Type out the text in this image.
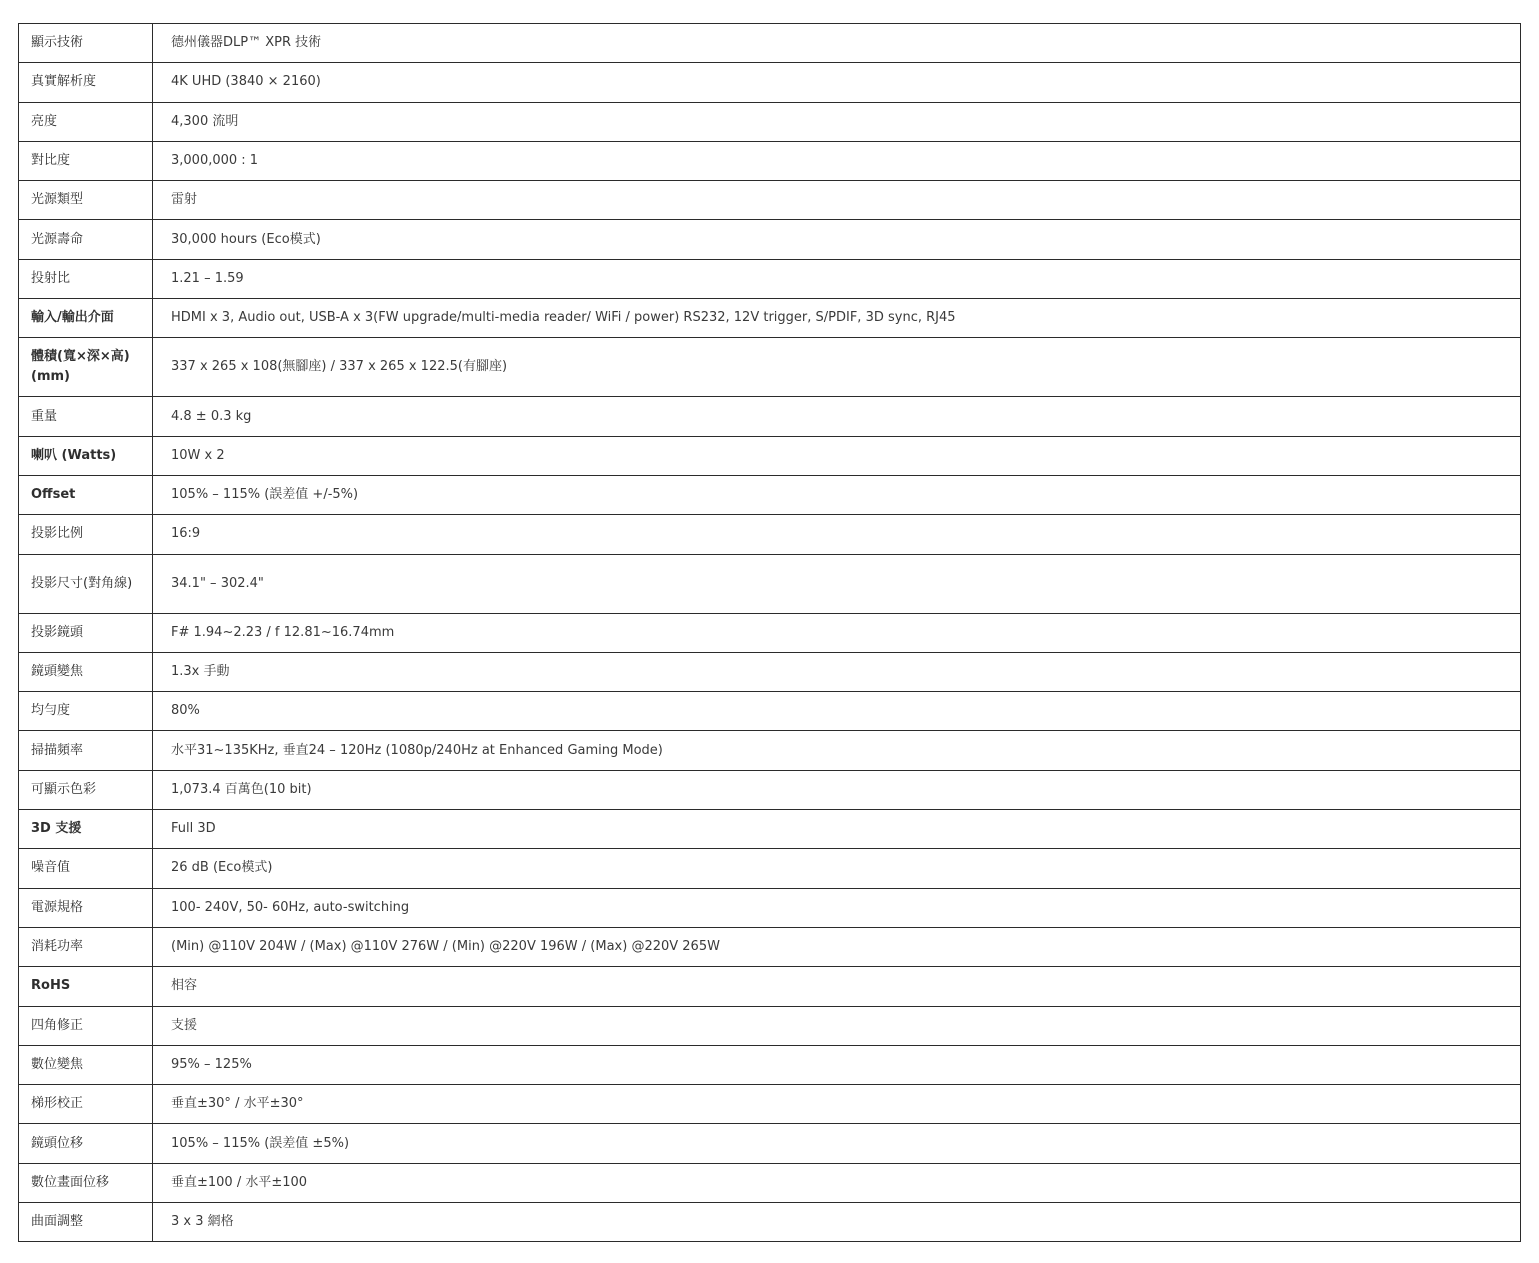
顯示技術	德州儀器DLP™ XPR 技術
真實解析度	4K UHD (3840 × 2160)
亮度	4,300 流明
對比度	3,000,000 : 1
光源類型	雷射
光源壽命	30,000 hours (Eco模式)
投射比	1.21 – 1.59
輸入/輸出介面	HDMI x 3, Audio out, USB-A x 3(FW upgrade/multi-media reader/ WiFi / power) RS232, 12V trigger, S/PDIF, 3D sync, RJ45
體積(寬×深×高)(mm)	337 x 265 x 108(無腳座) / 337 x 265 x 122.5(有腳座)
重量	4.8 ± 0.3 kg
喇叭 (Watts)	10W x 2
Offset	105% – 115% (誤差值 +/-5%)
投影比例	16:9
投影尺寸(對角線)	34.1" – 302.4"
投影鏡頭	F# 1.94~2.23 / f 12.81~16.74mm
鏡頭變焦	1.3x 手動
均勻度	80%
掃描頻率	水平31~135KHz, 垂直24 – 120Hz (1080p/240Hz at Enhanced Gaming Mode)
可顯示色彩	1,073.4 百萬色(10 bit)
3D 支援	Full 3D
噪音值	26 dB (Eco模式)
電源規格	100- 240V, 50- 60Hz, auto-switching
消耗功率	(Min) @110V 204W / (Max) @110V 276W / (Min) @220V 196W / (Max) @220V 265W
RoHS	相容
四角修正	支援
數位變焦	95% – 125%
梯形校正	垂直±30° / 水平±30°
鏡頭位移	105% – 115% (誤差值 ±5%)
數位畫面位移	垂直±100 / 水平±100
曲面調整	3 x 3 網格
